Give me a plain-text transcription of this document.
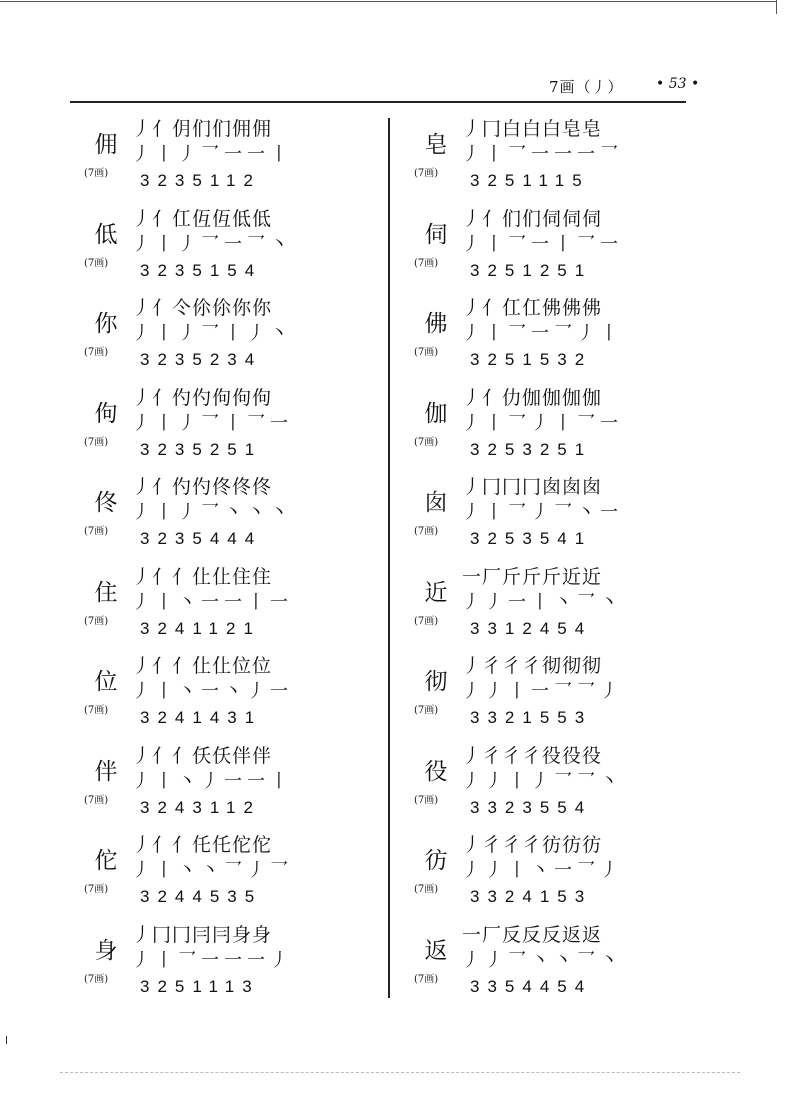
7画（丿） • 53 •
佣
(7画)
丿亻仴们们佣佣
丿丨丿乛一一丨
3235112
低
(7画)
丿亻仜仾仾低低
丿丨丿乛一乛丶
3235154
你
(7画)
丿亻仒伱伱你你
丿丨丿乛丨丿丶
3235234
佝
(7画)
丿亻仢仢佝佝佝
丿丨丿乛丨乛一
3235251
佟
(7画)
丿亻仢仢佟佟佟
丿丨丿乛丶丶丶
3235444
住
(7画)
丿亻亻仩仩住住
丿丨丶一一丨一
3241121
位
(7画)
丿亻亻仩仩位位
丿丨丶一丶丿一
3241431
伴
(7画)
丿亻亻仸仸伴伴
丿丨丶丿一一丨
3243112
佗
(7画)
丿亻亻仛仛佗佗
丿丨丶丶乛丿乛
3244535
身
(7画)
丿冂冂冃冃身身
丿丨乛一一一丿
3251113
皂
(7画)
丿冂白白白皂皂
丿丨乛一一一乛
3251115
伺
(7画)
丿亻们们伺伺伺
丿丨乛一丨乛一
3251251
佛
(7画)
丿亻仜仜佛佛佛
丿丨乛一乛丿丨
3251532
伽
(7画)
丿亻仂伽伽伽伽
丿丨乛丿丨乛一
3253251
囱
(7画)
丿冂冂冂囱囱囱
丿丨乛丿乛丶一
3253541
近
(7画)
一厂斤斤斤近近
丿丿一丨丶乛丶
3312454
彻
(7画)
丿彳彳彳彻彻彻
丿丿丨一乛乛丿
3321553
役
(7画)
丿彳彳彳役役役
丿丿丨丿乛乛丶
3323554
彷
(7画)
丿彳彳彳彷彷彷
丿丿丨丶一乛丿
3324153
返
(7画)
一厂反反反返返
丿丿乛丶丶乛丶
3354454
